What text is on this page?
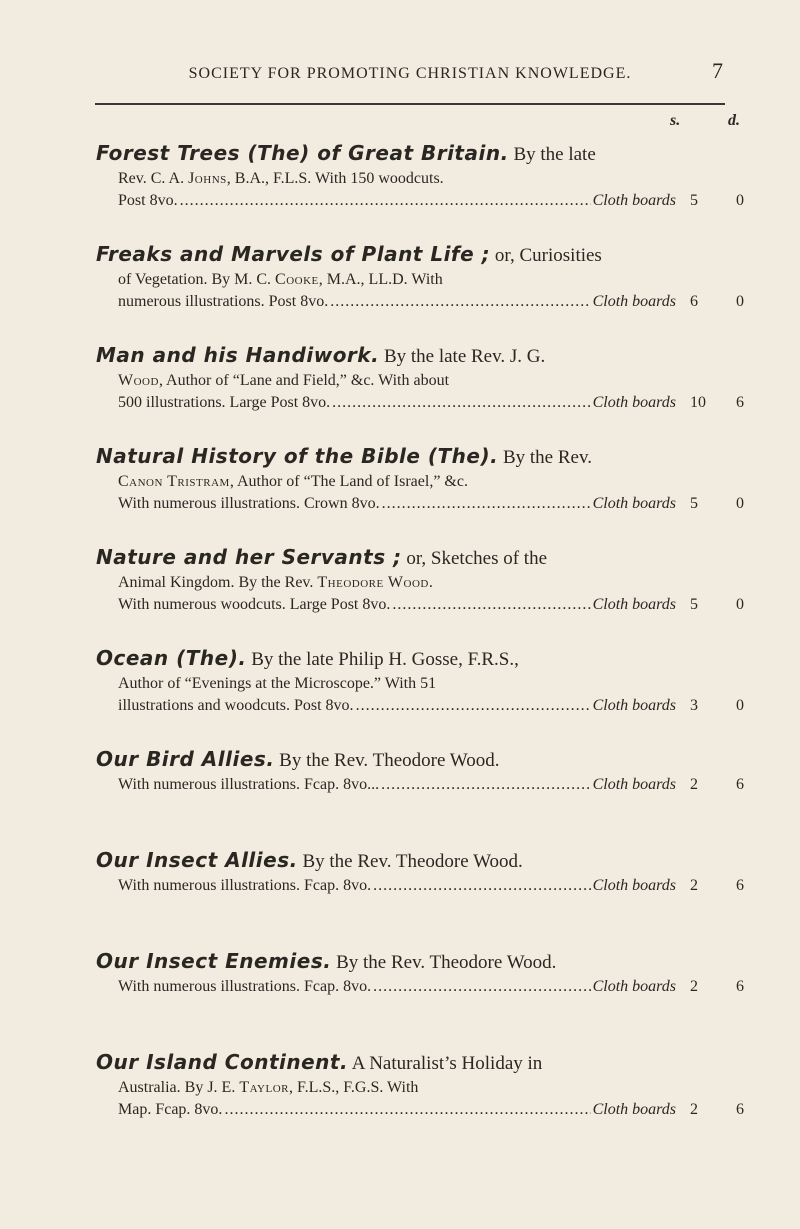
SOCIETY FOR PROMOTING CHRISTIAN KNOWLEDGE.	7
s.	d.
Forest Trees (The) of Great Britain. By the late
Rev. C. A. Johns, B.A., F.L.S. With 150 woodcuts.
Post 8vo. .....	Cloth boards 5 0
Freaks and Marvels of Plant Life ; or, Curiosities
of Vegetation. By M. C. Cooke, M.A., LL.D. With
numerous illustrations. Post 8vo. .....	Cloth boards 6 0
Man and his Handiwork. By the late Rev. J. G.
Wood, Author of “Lane and Field,” &c. With about
500 illustrations. Large Post 8vo. .....	Cloth boards 10 6
Natural History of the Bible (The). By the Rev.
Canon Tristram, Author of “The Land of Israel,” &c.
With numerous illustrations. Crown 8vo. .....	Cloth boards 5 0
Nature and her Servants ; or, Sketches of the
Animal Kingdom. By the Rev. Theodore Wood.
With numerous woodcuts. Large Post 8vo. .....	Cloth boards 5 0
Ocean (The). By the late Philip H. Gosse, F.R.S.,
Author of “Evenings at the Microscope.” With 51
illustrations and woodcuts. Post 8vo. .....	Cloth boards 3 0
Our Bird Allies. By the Rev. Theodore Wood.
With numerous illustrations. Fcap. 8vo... .....	Cloth boards 2 6
Our Insect Allies. By the Rev. Theodore Wood.
With numerous illustrations. Fcap. 8vo. .....	Cloth boards 2 6
Our Insect Enemies. By the Rev. Theodore Wood.
With numerous illustrations. Fcap. 8vo. .....	Cloth boards 2 6
Our Island Continent. A Naturalist’s Holiday in
Australia. By J. E. Taylor, F.L.S., F.G.S. With
Map. Fcap. 8vo. .....	Cloth boards 2 6
